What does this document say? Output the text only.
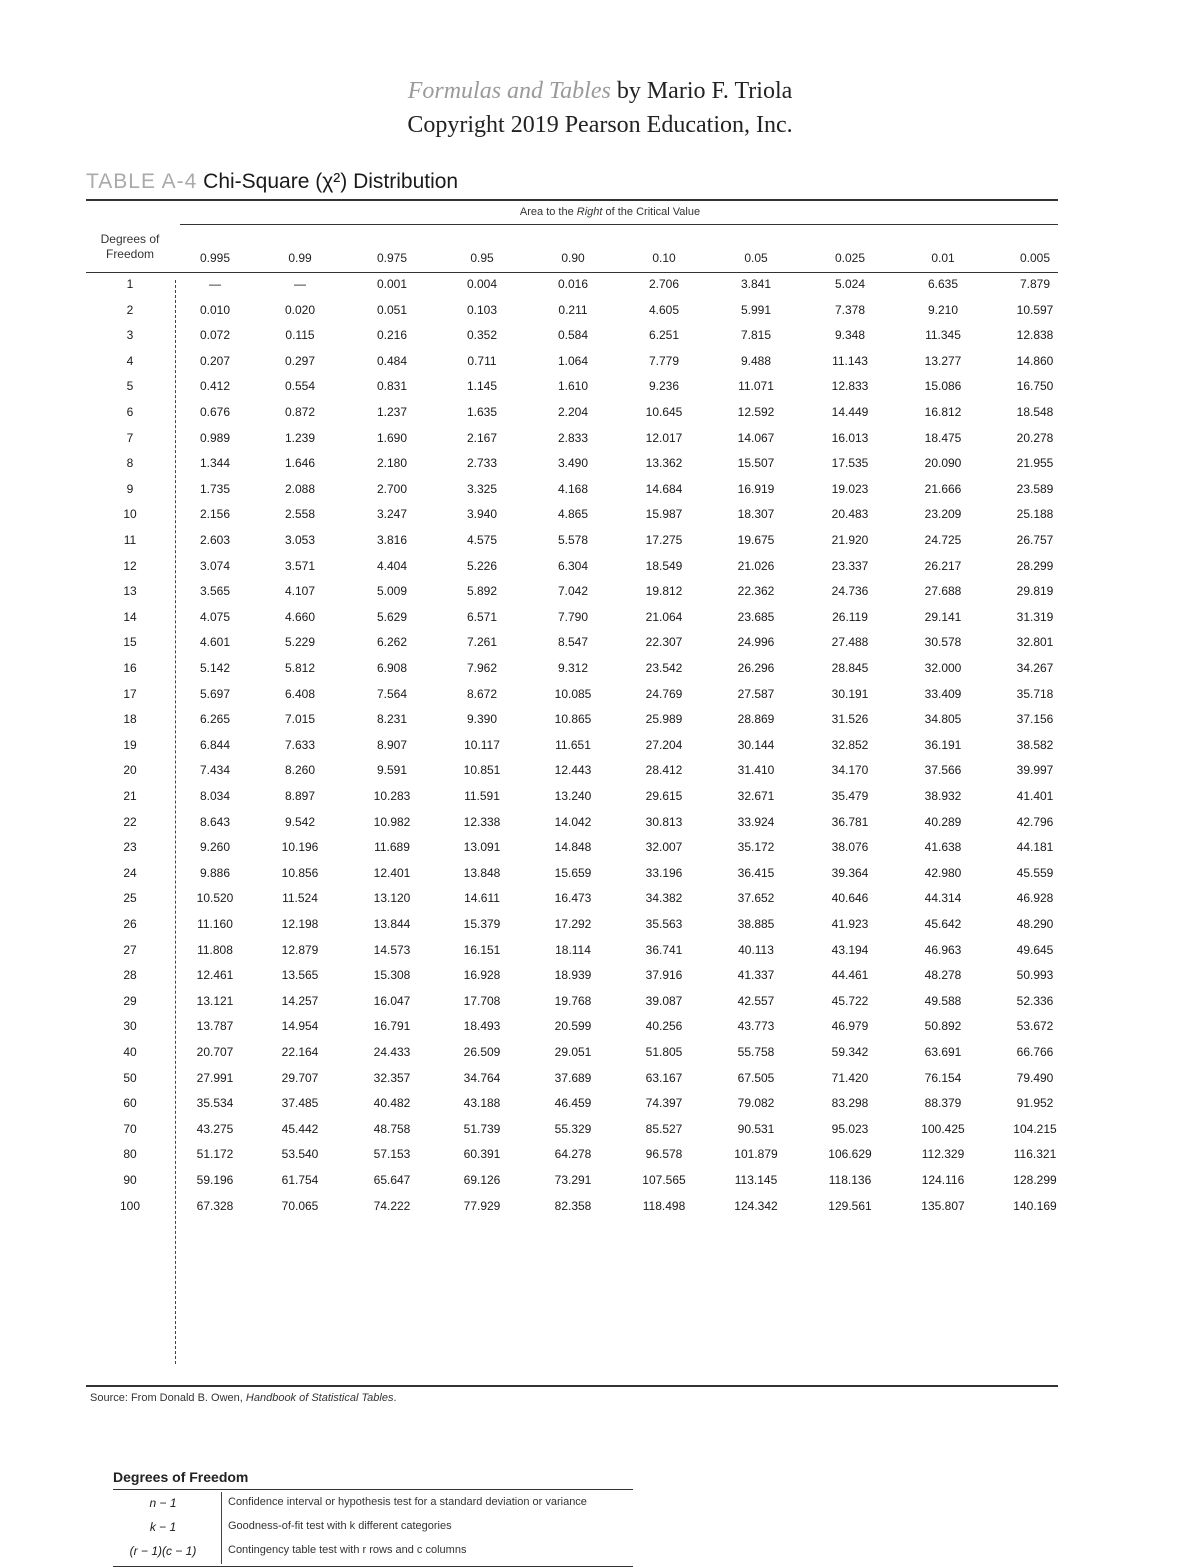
Formulas and Tables by Mario F. Triola
Copyright 2019 Pearson Education, Inc.
TABLE A-4 Chi-Square (χ²) Distribution
Area to the Right of the Critical Value
Degrees of Freedom	0.995	0.99	0.975	0.95	0.90	0.10	0.05	0.025	0.01	0.005
1	—	—	0.001	0.004	0.016	2.706	3.841	5.024	6.635	7.879
2	0.010	0.020	0.051	0.103	0.211	4.605	5.991	7.378	9.210	10.597
3	0.072	0.115	0.216	0.352	0.584	6.251	7.815	9.348	11.345	12.838
4	0.207	0.297	0.484	0.711	1.064	7.779	9.488	11.143	13.277	14.860
5	0.412	0.554	0.831	1.145	1.610	9.236	11.071	12.833	15.086	16.750
6	0.676	0.872	1.237	1.635	2.204	10.645	12.592	14.449	16.812	18.548
7	0.989	1.239	1.690	2.167	2.833	12.017	14.067	16.013	18.475	20.278
8	1.344	1.646	2.180	2.733	3.490	13.362	15.507	17.535	20.090	21.955
9	1.735	2.088	2.700	3.325	4.168	14.684	16.919	19.023	21.666	23.589
10	2.156	2.558	3.247	3.940	4.865	15.987	18.307	20.483	23.209	25.188
11	2.603	3.053	3.816	4.575	5.578	17.275	19.675	21.920	24.725	26.757
12	3.074	3.571	4.404	5.226	6.304	18.549	21.026	23.337	26.217	28.299
13	3.565	4.107	5.009	5.892	7.042	19.812	22.362	24.736	27.688	29.819
14	4.075	4.660	5.629	6.571	7.790	21.064	23.685	26.119	29.141	31.319
15	4.601	5.229	6.262	7.261	8.547	22.307	24.996	27.488	30.578	32.801
16	5.142	5.812	6.908	7.962	9.312	23.542	26.296	28.845	32.000	34.267
17	5.697	6.408	7.564	8.672	10.085	24.769	27.587	30.191	33.409	35.718
18	6.265	7.015	8.231	9.390	10.865	25.989	28.869	31.526	34.805	37.156
19	6.844	7.633	8.907	10.117	11.651	27.204	30.144	32.852	36.191	38.582
20	7.434	8.260	9.591	10.851	12.443	28.412	31.410	34.170	37.566	39.997
21	8.034	8.897	10.283	11.591	13.240	29.615	32.671	35.479	38.932	41.401
22	8.643	9.542	10.982	12.338	14.042	30.813	33.924	36.781	40.289	42.796
23	9.260	10.196	11.689	13.091	14.848	32.007	35.172	38.076	41.638	44.181
24	9.886	10.856	12.401	13.848	15.659	33.196	36.415	39.364	42.980	45.559
25	10.520	11.524	13.120	14.611	16.473	34.382	37.652	40.646	44.314	46.928
26	11.160	12.198	13.844	15.379	17.292	35.563	38.885	41.923	45.642	48.290
27	11.808	12.879	14.573	16.151	18.114	36.741	40.113	43.194	46.963	49.645
28	12.461	13.565	15.308	16.928	18.939	37.916	41.337	44.461	48.278	50.993
29	13.121	14.257	16.047	17.708	19.768	39.087	42.557	45.722	49.588	52.336
30	13.787	14.954	16.791	18.493	20.599	40.256	43.773	46.979	50.892	53.672
40	20.707	22.164	24.433	26.509	29.051	51.805	55.758	59.342	63.691	66.766
50	27.991	29.707	32.357	34.764	37.689	63.167	67.505	71.420	76.154	79.490
60	35.534	37.485	40.482	43.188	46.459	74.397	79.082	83.298	88.379	91.952
70	43.275	45.442	48.758	51.739	55.329	85.527	90.531	95.023	100.425	104.215
80	51.172	53.540	57.153	60.391	64.278	96.578	101.879	106.629	112.329	116.321
90	59.196	61.754	65.647	69.126	73.291	107.565	113.145	118.136	124.116	128.299
100	67.328	70.065	74.222	77.929	82.358	118.498	124.342	129.561	135.807	140.169
Source: From Donald B. Owen, Handbook of Statistical Tables.
Degrees of Freedom
n − 1	Confidence interval or hypothesis test for a standard deviation or variance
k − 1	Goodness-of-fit test with k different categories
(r − 1)(c − 1)	Contingency table test with r rows and c columns
